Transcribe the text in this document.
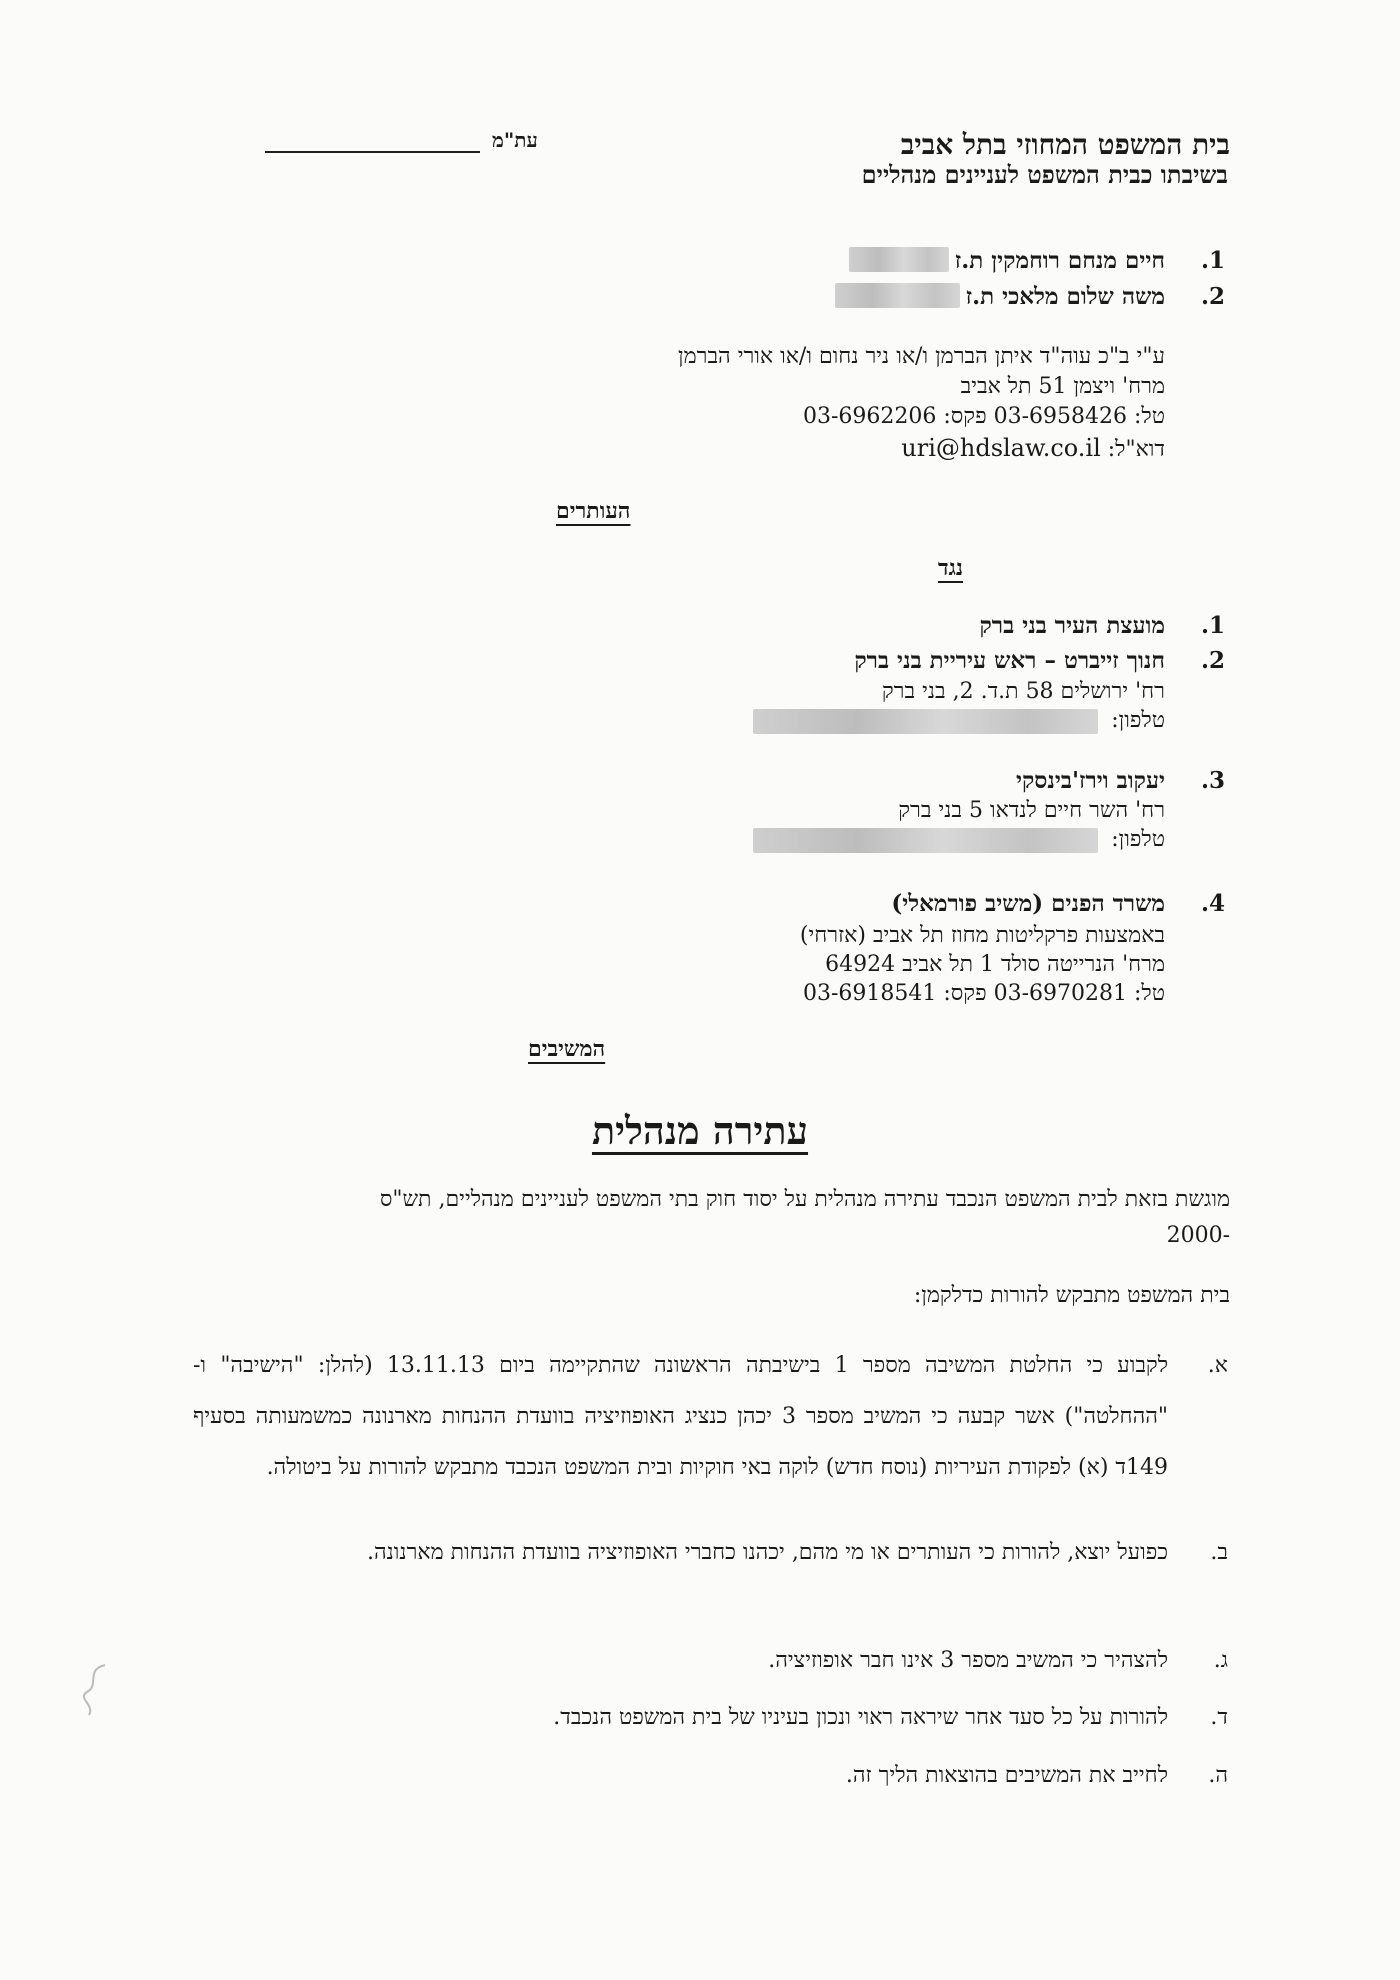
בית המשפט המחוזי בתל אביב
בשיבתו כבית המשפט לעניינים מנהליים
עת"מ
1.
חיים מנחם רוחמקין ת.ז
2.
משה שלום מלאכי ת.ז
ע"י ב"כ עוה"ד איתן הברמן ו/או ניר נחום ו/או אורי הברמן
מרח' ויצמן 51 תל אביב
טל: 03-6958426 פקס: 03-6962206
דוא"ל: uri@hdslaw.co.il
העותרים
נגד
1.
מועצת העיר בני ברק
2.
חנוך זייברט – ראש עיריית בני ברק
רח' ירושלים 58 ת.ד. 2, בני ברק
טלפון:
3.
יעקוב וירז'בינסקי
רח' השר חיים לנדאו 5 בני ברק
טלפון:
4.
משרד הפנים (משיב פורמאלי)
באמצעות פרקליטות מחוז תל אביב (אזרחי)
מרח' הנרייטה סולד 1 תל אביב 64924
טל: 03-6970281 פקס: 03-6918541
המשיבים
עתירה מנהלית
מוגשת בזאת לבית המשפט הנכבד עתירה מנהלית על יסוד חוק בתי המשפט לעניינים מנהליים, תש"ס
2000-
בית המשפט מתבקש להורות כדלקמן:
א.
לקבוע כי החלטת המשיבה מספר 1 בישיבתה הראשונה שהתקיימה ביום 13.11.13 (להלן: "הישיבה" ו- "ההחלטה") אשר קבעה כי המשיב מספר 3 יכהן כנציג האופוזיציה בוועדת ההנחות מארנונה כמשמעותה בסעיף 149ד (א) לפקודת העיריות (נוסח חדש) לוקה באי חוקיות ובית המשפט הנכבד מתבקש להורות על ביטולה.
ב.
כפועל יוצא, להורות כי העותרים או מי מהם, יכהנו כחברי האופוזיציה בוועדת ההנחות מארנונה.
ג.
להצהיר כי המשיב מספר 3 אינו חבר אופוזיציה.
ד.
להורות על כל סעד אחר שיראה ראוי ונכון בעיניו של בית המשפט הנכבד.
ה.
לחייב את המשיבים בהוצאות הליך זה.
